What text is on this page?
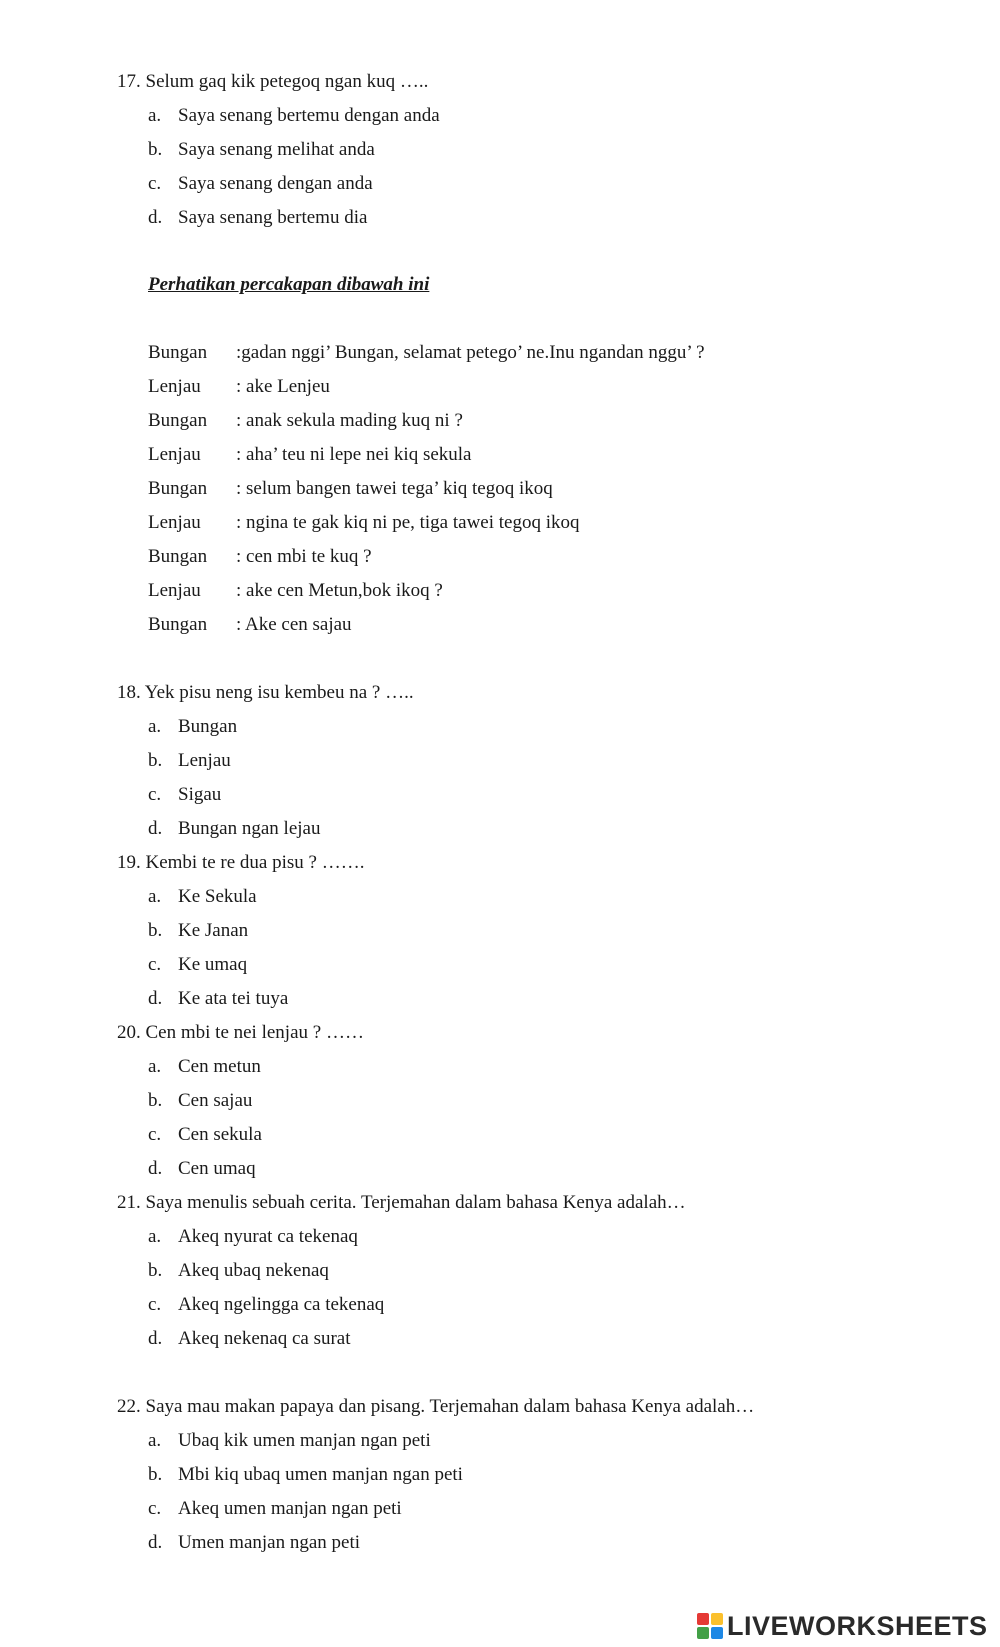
17. Selum gaq kik petegoq ngan kuq …..
a. Saya senang bertemu dengan anda
b. Saya senang melihat anda
c. Saya senang dengan anda
d. Saya senang bertemu dia
Perhatikan percakapan dibawah ini
Bungan :gadan nggi’ Bungan, selamat petego’ ne.Inu ngandan nggu’ ?
Lenjau : ake Lenjeu
Bungan : anak sekula mading kuq ni ?
Lenjau : aha’ teu ni lepe nei kiq sekula
Bungan : selum bangen tawei tega’ kiq tegoq ikoq
Lenjau : ngina te gak kiq ni pe, tiga tawei tegoq ikoq
Bungan : cen mbi te kuq ?
Lenjau : ake cen Metun,bok ikoq ?
Bungan : Ake cen sajau
18. Yek pisu neng isu kembeu na ? …..
a. Bungan
b. Lenjau
c. Sigau
d. Bungan ngan lejau
19. Kembi te re dua pisu ? …….
a. Ke Sekula
b. Ke Janan
c. Ke umaq
d. Ke ata tei tuya
20. Cen mbi te nei lenjau ? ……
a. Cen metun
b. Cen sajau
c. Cen sekula
d. Cen umaq
21. Saya menulis sebuah cerita. Terjemahan dalam bahasa Kenya adalah…
a. Akeq nyurat ca tekenaq
b. Akeq ubaq nekenaq
c. Akeq ngelingga ca tekenaq
d. Akeq nekenaq ca surat
22. Saya mau makan papaya dan pisang. Terjemahan dalam bahasa Kenya adalah…
a. Ubaq kik umen manjan ngan peti
b. Mbi kiq ubaq umen manjan ngan peti
c. Akeq umen manjan ngan peti
d. Umen manjan ngan peti
LIVEWORKSHEETS
